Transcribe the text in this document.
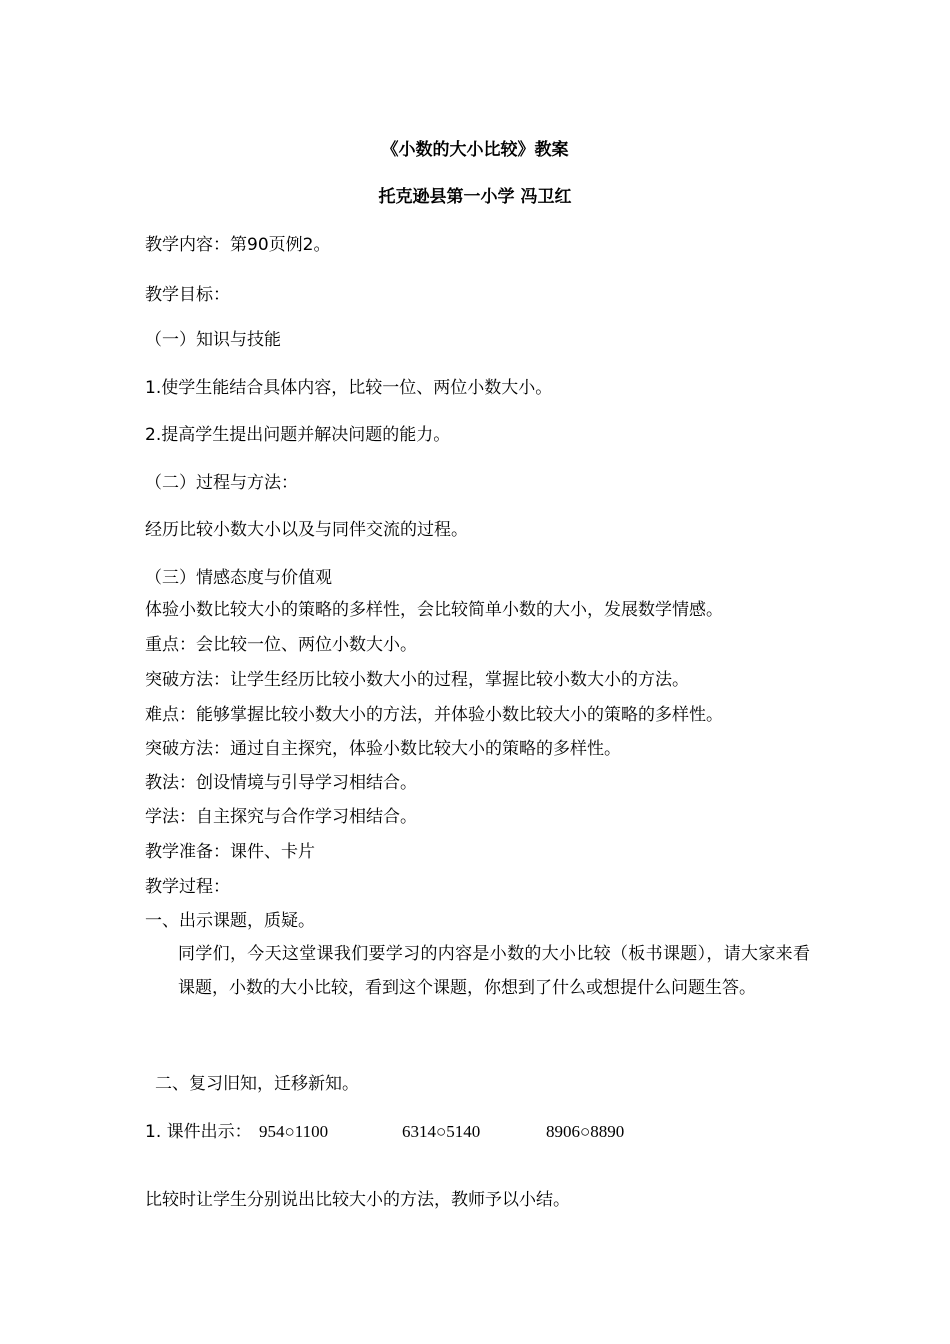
《小数的大小比较》教案
托克逊县第一小学 冯卫红
教学内容：第90页例2。
教学目标：
（一）知识与技能
1.使学生能结合具体内容，比较一位、两位小数大小。
2.提高学生提出问题并解决问题的能力。
（二）过程与方法：
经历比较小数大小以及与同伴交流的过程。
（三）情感态度与价值观
体验小数比较大小的策略的多样性，会比较简单小数的大小，发展数学情感。
重点：会比较一位、两位小数大小。
突破方法：让学生经历比较小数大小的过程，掌握比较小数大小的方法。
难点：能够掌握比较小数大小的方法，并体验小数比较大小的策略的多样性。
突破方法：通过自主探究，体验小数比较大小的策略的多样性。
教法：创设情境与引导学习相结合。
学法：自主探究与合作学习相结合。
教学准备：课件、卡片
教学过程：
一、出示课题，质疑。
同学们，今天这堂课我们要学习的内容是小数的大小比较（板书课题），请大家来看课题，小数的大小比较，看到这个课题，你想到了什么或想提什么问题生答。
二、复习旧知，迁移新知。
1. 课件出示： 954○1100	6314○5140	8906○8890
比较时让学生分别说出比较大小的方法，教师予以小结。
